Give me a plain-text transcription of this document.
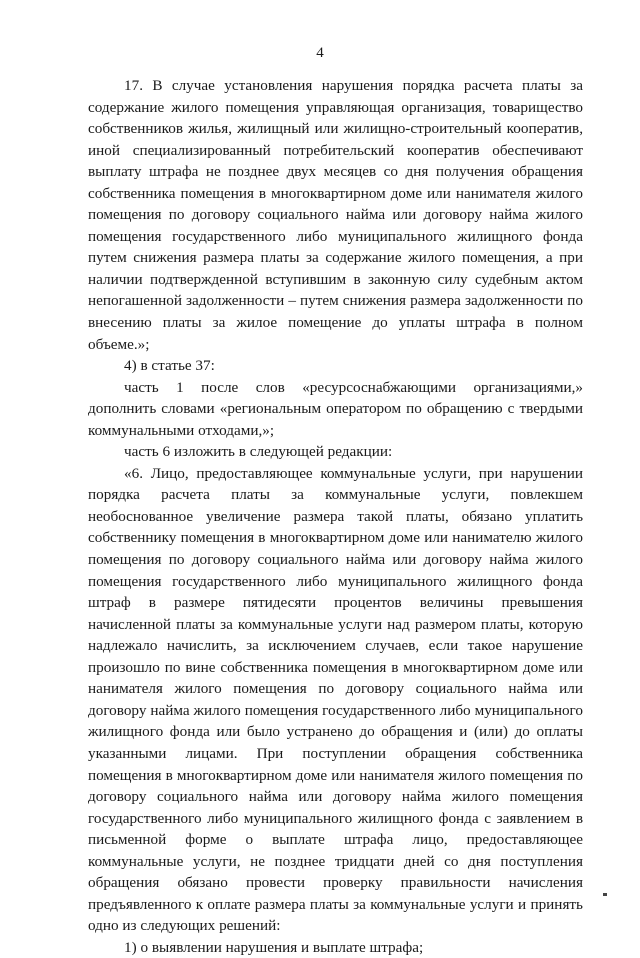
4

17. В случае установления нарушения порядка расчета платы за содержание жилого помещения управляющая организация, товарищество собственников жилья, жилищный или жилищно-строительный кооператив, иной специализированный потребительский кооператив обеспечивают выплату штрафа не позднее двух месяцев со дня получения обращения собственника помещения в многоквартирном доме или нанимателя жилого помещения по договору социального найма или договору найма жилого помещения государственного либо муниципального жилищного фонда путем снижения размера платы за содержание жилого помещения, а при наличии подтвержденной вступившим в законную силу судебным актом непогашенной задолженности – путем снижения размера задолженности по внесению платы за жилое помещение до уплаты штрафа в полном объеме.»;

4) в статье 37:

часть 1 после слов «ресурсоснабжающими организациями,» дополнить словами «региональным оператором по обращению с твердыми коммунальными отходами,»;

часть 6 изложить в следующей редакции:

«6. Лицо, предоставляющее коммунальные услуги, при нарушении порядка расчета платы за коммунальные услуги, повлекшем необоснованное увеличение размера такой платы, обязано уплатить собственнику помещения в многоквартирном доме или нанимателю жилого помещения по договору социального найма или договору найма жилого помещения государственного либо муниципального жилищного фонда штраф в размере пятидесяти процентов величины превышения начисленной платы за коммунальные услуги над размером платы, которую надлежало начислить, за исключением случаев, если такое нарушение произошло по вине собственника помещения в многоквартирном доме или нанимателя жилого помещения по договору социального найма или договору найма жилого помещения государственного либо муниципального жилищного фонда или было устранено до обращения и (или) до оплаты указанными лицами. При поступлении обращения собственника помещения в многоквартирном доме или нанимателя жилого помещения по договору социального найма или договору найма жилого помещения государственного либо муниципального жилищного фонда с заявлением в письменной форме о выплате штрафа лицо, предоставляющее коммунальные услуги, не позднее тридцати дней со дня поступления обращения обязано провести проверку правильности начисления предъявленного к оплате размера платы за коммунальные услуги и принять одно из следующих решений:

1) о выявлении нарушения и выплате штрафа;
